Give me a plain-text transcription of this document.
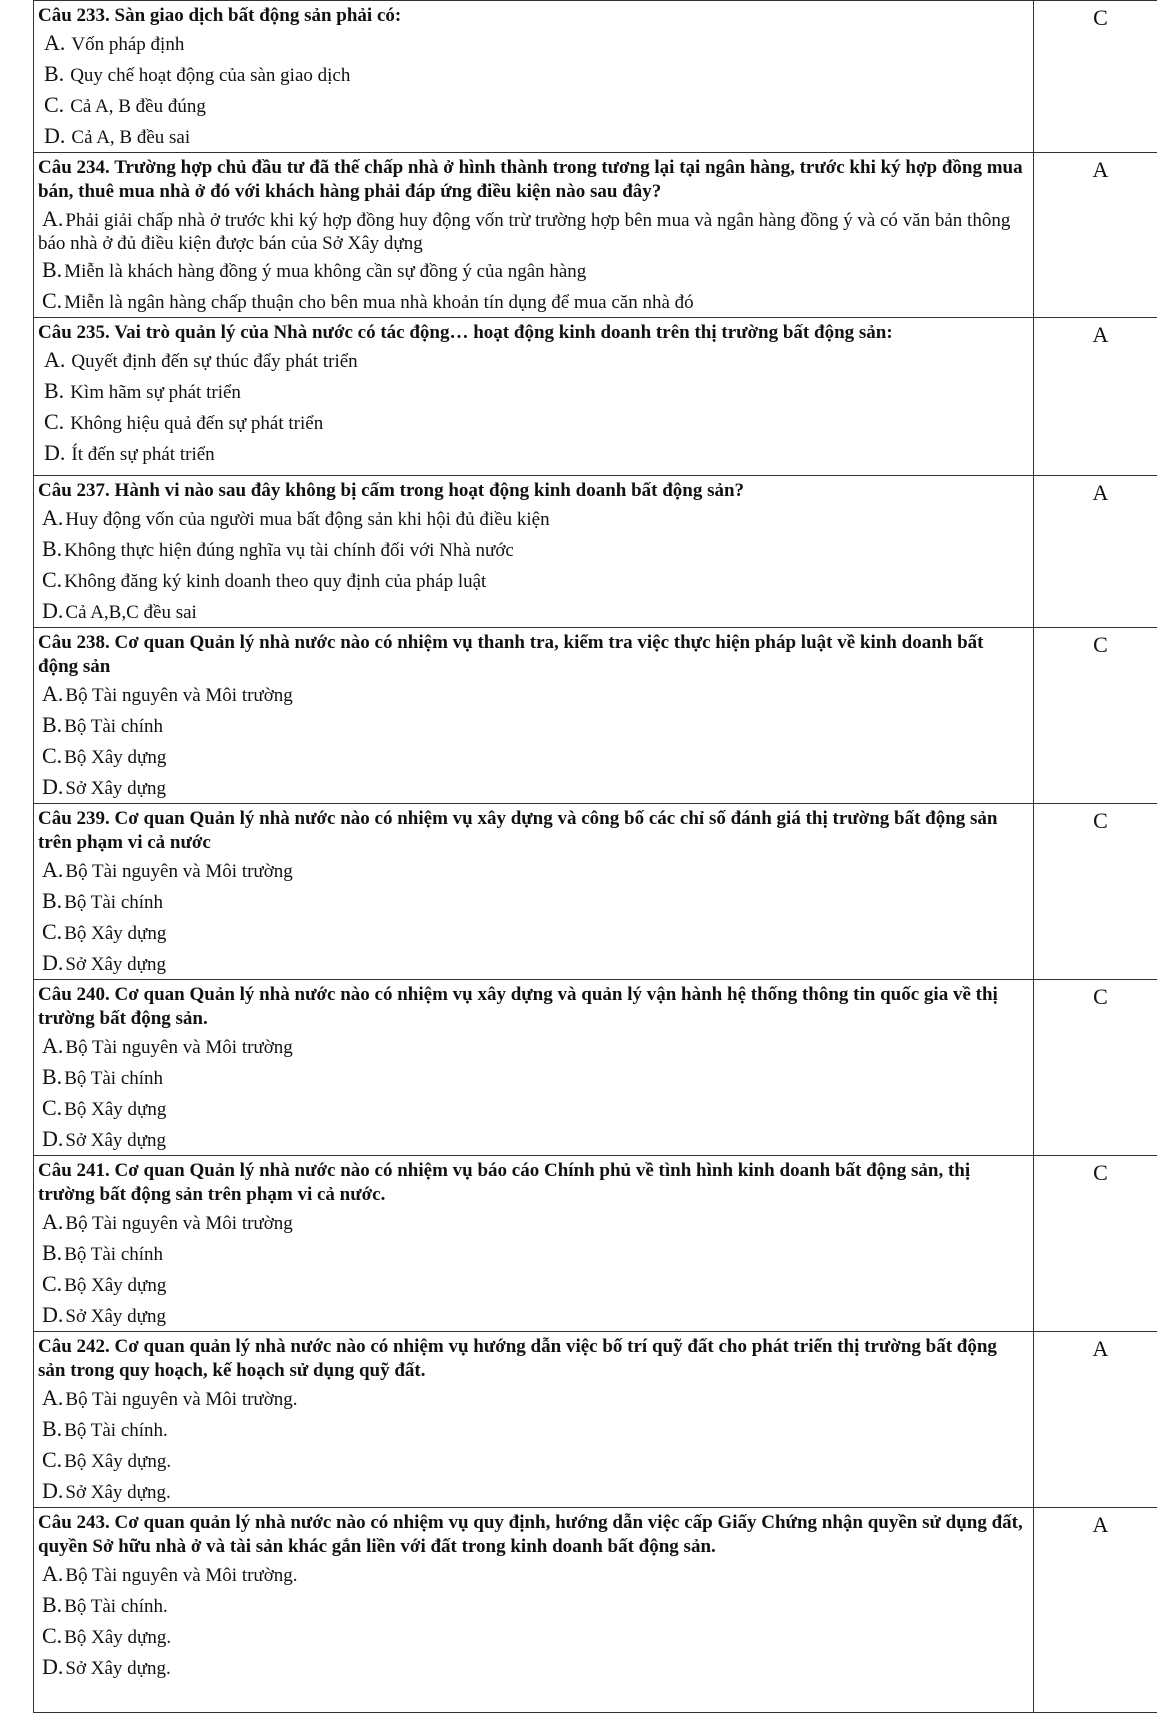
Câu 233. Sàn giao dịch bất động sản phải có:
A. Vốn pháp định
B. Quy chế hoạt động của sàn giao dịch
C. Cả A, B đều đúng
D. Cả A, B đều sai	C

Câu 234. Trường hợp chủ đầu tư đã thế chấp nhà ở hình thành trong tương lại tại ngân hàng, trước khi ký hợp đồng mua bán, thuê mua nhà ở đó với khách hàng phải đáp ứng điều kiện nào sau đây?
A. Phải giải chấp nhà ở trước khi ký hợp đồng huy động vốn trừ trường hợp bên mua và ngân hàng đồng ý và có văn bản thông báo nhà ở đủ điều kiện được bán của Sở Xây dựng
B. Miễn là khách hàng đồng ý mua không cần sự đồng ý của ngân hàng
C. Miễn là ngân hàng chấp thuận cho bên mua nhà khoản tín dụng để mua căn nhà đó	A

Câu 235. Vai trò quản lý của Nhà nước có tác động… hoạt động kinh doanh trên thị trường bất động sản:
A. Quyết định đến sự thúc đẩy phát triển
B. Kìm hãm sự phát triển
C. Không hiệu quả đến sự phát triển
D. Ít đến sự phát triển	A

Câu 237. Hành vi nào sau đây không bị cấm trong hoạt động kinh doanh bất động sản?
A. Huy động vốn của người mua bất động sản khi hội đủ điều kiện
B. Không thực hiện đúng nghĩa vụ tài chính đối với Nhà nước
C. Không đăng ký kinh doanh theo quy định của pháp luật
D. Cả A,B,C đều sai	A

Câu 238. Cơ quan Quản lý nhà nước nào có nhiệm vụ thanh tra, kiểm tra việc thực hiện pháp luật về kinh doanh bất động sản
A. Bộ Tài nguyên và Môi trường
B. Bộ Tài chính
C. Bộ Xây dựng
D. Sở Xây dựng	C

Câu 239. Cơ quan Quản lý nhà nước nào có nhiệm vụ xây dựng và công bố các chỉ số đánh giá thị trường bất động sản trên phạm vi cả nước
A. Bộ Tài nguyên và Môi trường
B. Bộ Tài chính
C. Bộ Xây dựng
D. Sở Xây dựng	C

Câu 240. Cơ quan Quản lý nhà nước nào có nhiệm vụ xây dựng và quản lý vận hành hệ thống thông tin quốc gia về thị trường bất động sản.
A. Bộ Tài nguyên và Môi trường
B. Bộ Tài chính
C. Bộ Xây dựng
D. Sở Xây dựng	C

Câu 241. Cơ quan Quản lý nhà nước nào có nhiệm vụ báo cáo Chính phủ về tình hình kinh doanh bất động sản, thị trường bất động sản trên phạm vi cả nước.
A. Bộ Tài nguyên và Môi trường
B. Bộ Tài chính
C. Bộ Xây dựng
D. Sở Xây dựng	C

Câu 242. Cơ quan quản lý nhà nước nào có nhiệm vụ hướng dẫn việc bố trí quỹ đất cho phát triển thị trường bất động sản trong quy hoạch, kế hoạch sử dụng quỹ đất.
A. Bộ Tài nguyên và Môi trường.
B. Bộ Tài chính.
C. Bộ Xây dựng.
D. Sở Xây dựng.	A

Câu 243. Cơ quan quản lý nhà nước nào có nhiệm vụ quy định, hướng dẫn việc cấp Giấy Chứng nhận quyền sử dụng đất, quyền Sở hữu nhà ở và tài sản khác gắn liền với đất trong kinh doanh bất động sản.
A. Bộ Tài nguyên và Môi trường.
B. Bộ Tài chính.
C. Bộ Xây dựng.
D. Sở Xây dựng.	A
